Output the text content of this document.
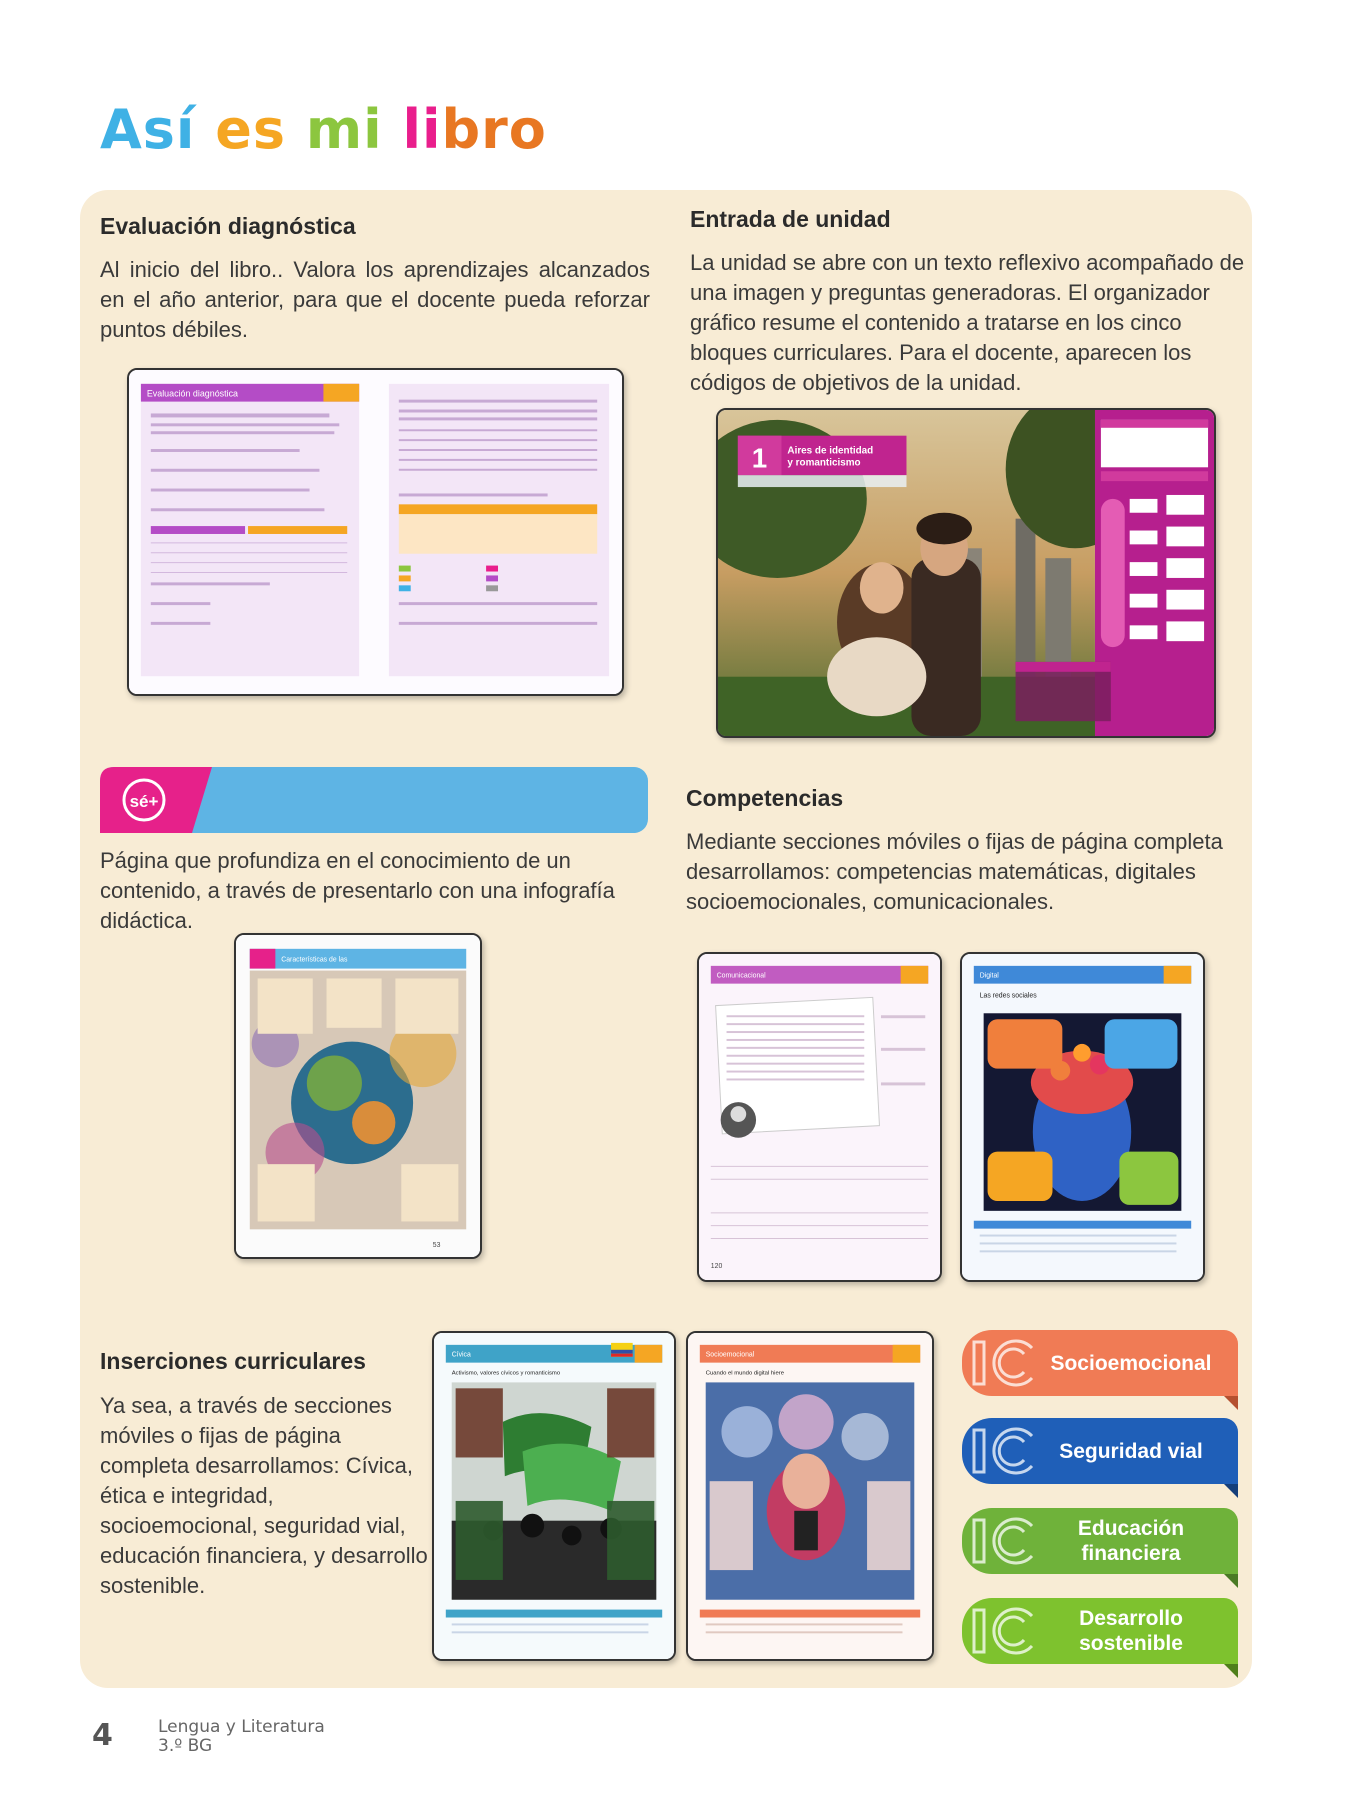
Así es mi libro
Evaluación diagnóstica
Al inicio del libro.. Valora los aprendizajes alcanzados en el año anterior, para que el docente pueda reforzar puntos débiles.
Evaluación diagnóstica
Entrada de unidad
La unidad se abre con un texto reflexivo acompañado de una imagen y preguntas generadoras. El organizador gráfico resume el contenido a tratarse en los cinco bloques curriculares. Para el docente, aparecen los códigos de objetivos de la unidad.
1 Aires de identidad
y romanticismo
sé+
Página que profundiza en el conocimiento de un contenido, a través de presentarlo con una infografía didáctica.
Características de las
53
Competencias
Mediante secciones móviles o fijas de página completa desarrollamos: competencias matemáticas, digitales socioemocionales, comunicacionales.
Comunicacional
120
Digital
Las redes sociales
Inserciones curriculares
Ya sea, a través de secciones móviles o fijas de página completa desarrollamos: Cívica, ética e integridad, socioemocional, seguridad vial, educación financiera, y desarrollo sostenible.
Cívica
Activismo, valores cívicos y romanticismo
Socioemocional
Cuando el mundo digital hiere	Socioemocional
Seguridad vial
Educación
financiera
Desarrollo
sostenible
4	Lengua y Literatura
3.º BG
